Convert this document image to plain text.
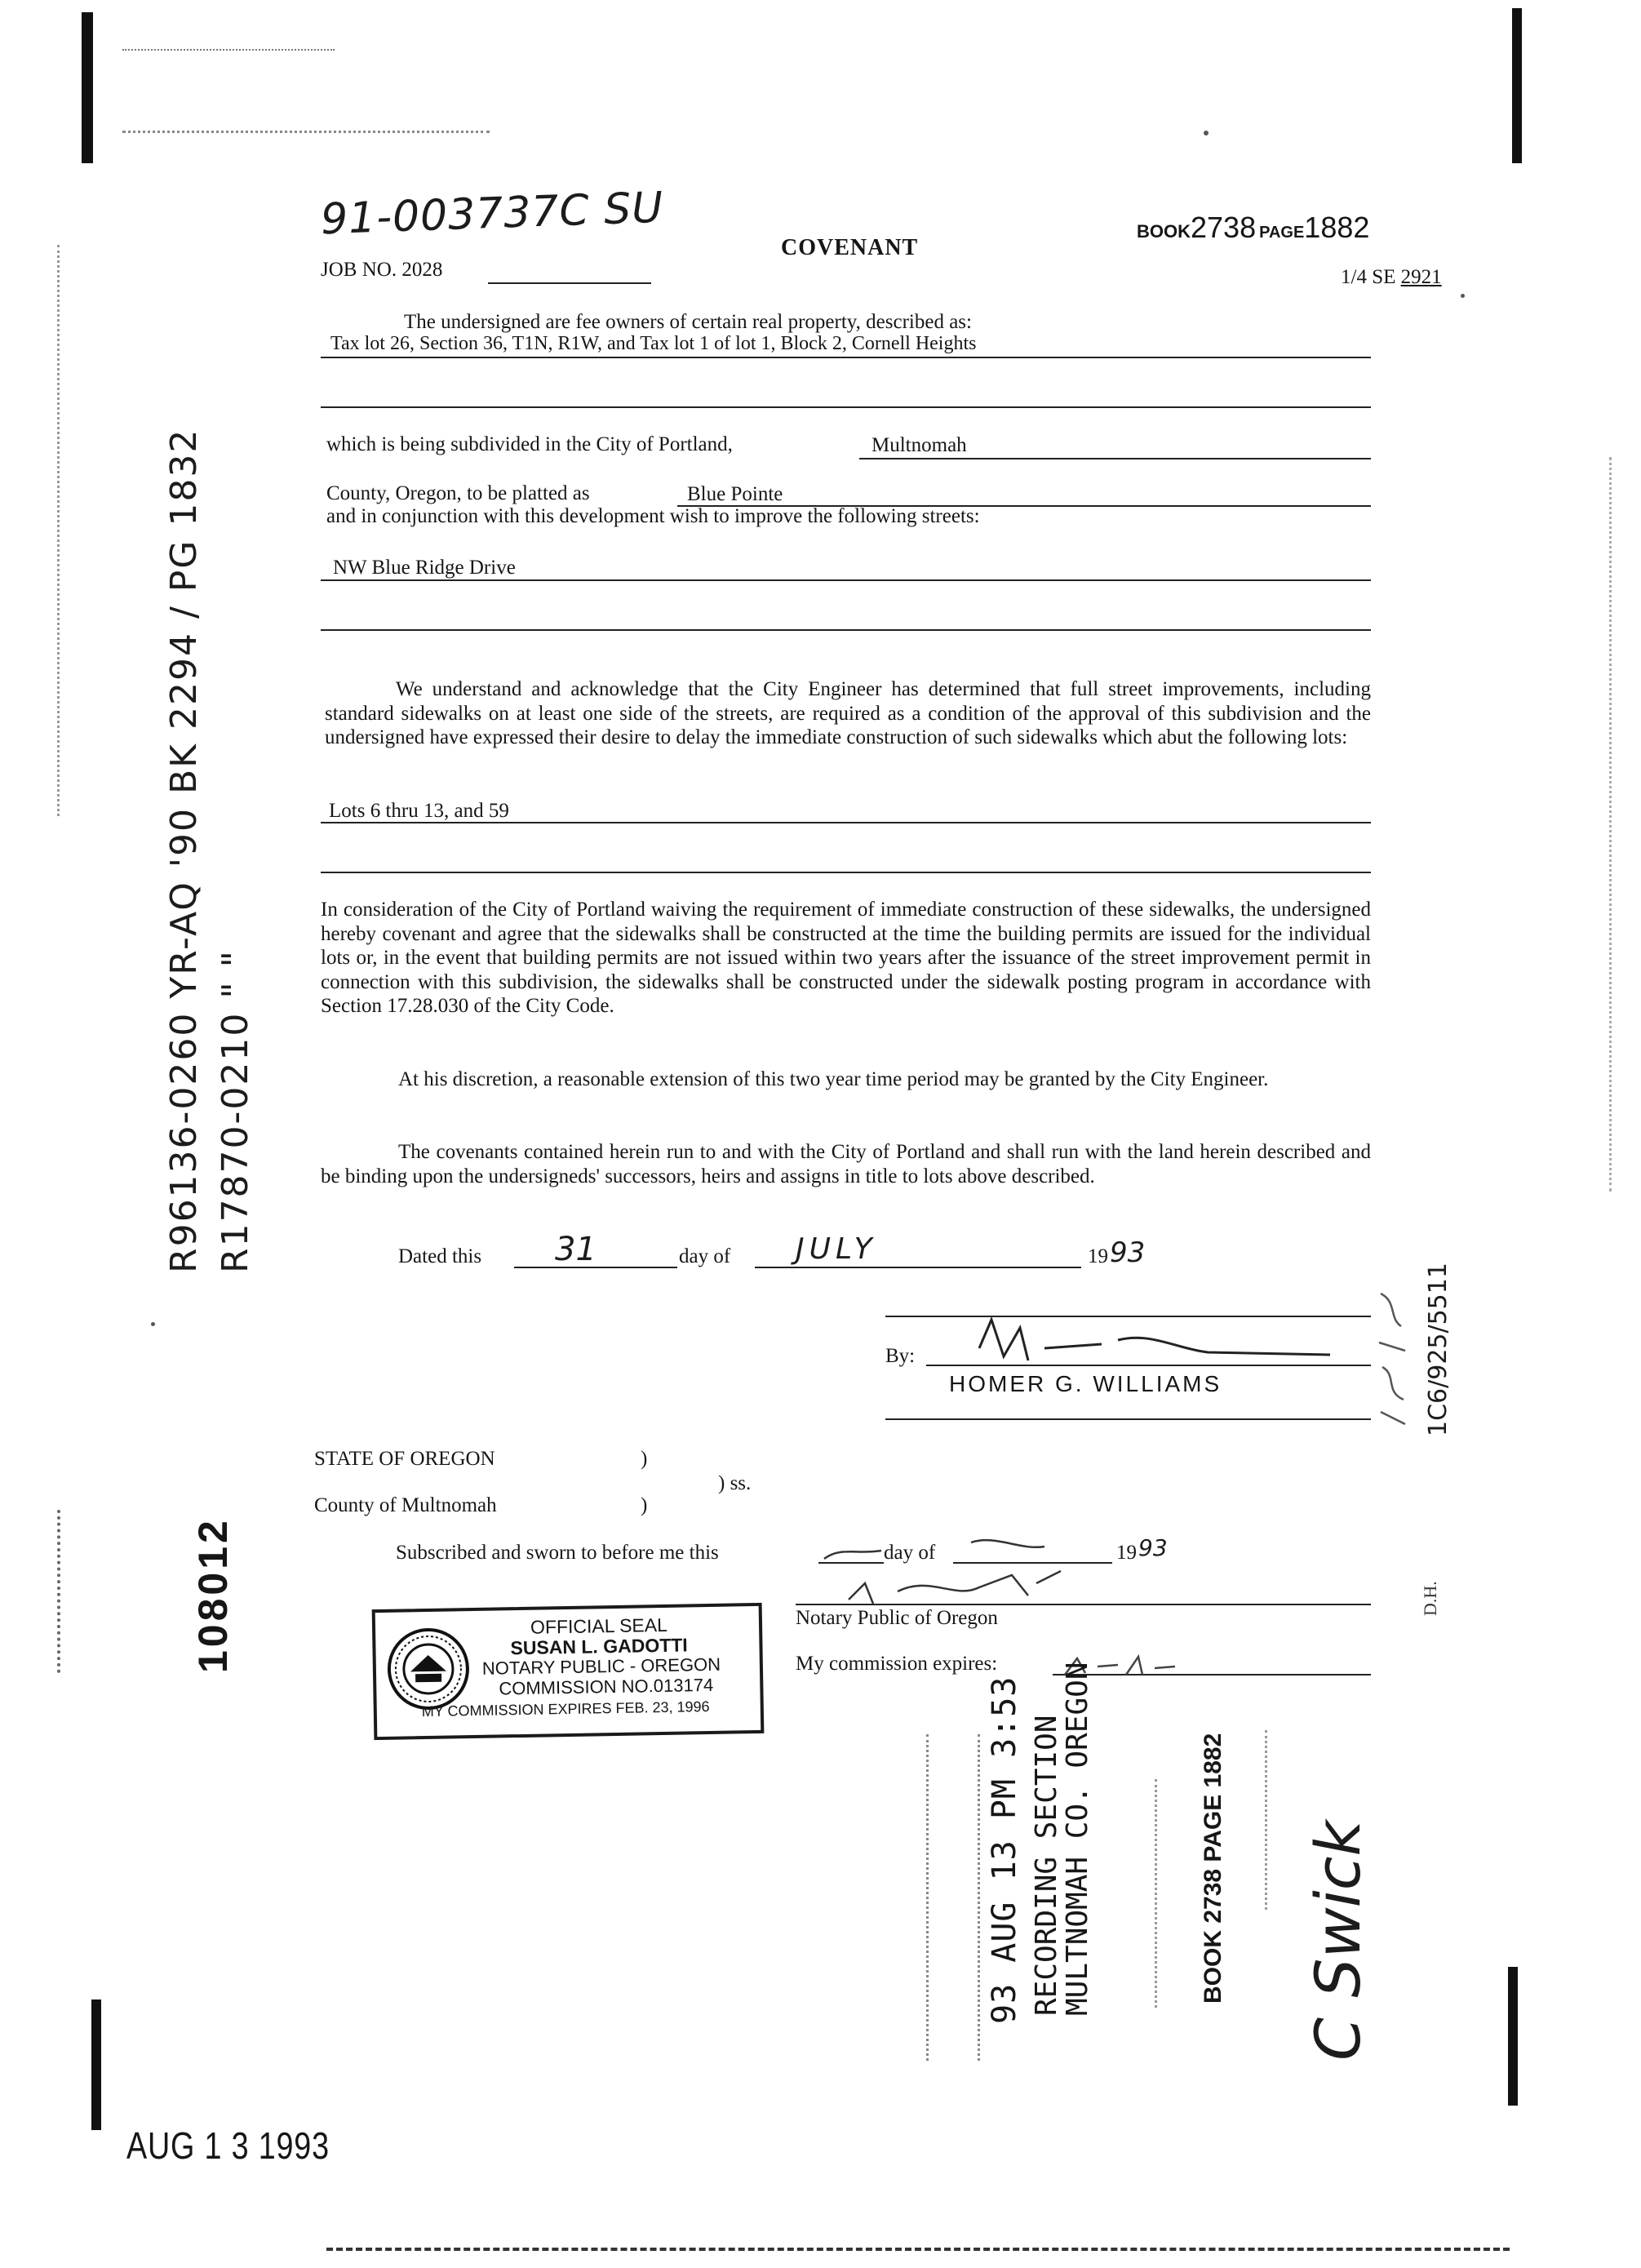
91-003737C SU
COVENANT
BOOK2738 PAGE1882
JOB NO. 2028	1/4 SE 2921
The undersigned are fee owners of certain real property, described as:
Tax lot 26, Section 36, T1N, R1W, and Tax lot 1 of lot 1, Block 2, Cornell Heights
which is being subdivided in the City of Portland,	Multnomah
County, Oregon, to be platted as	Blue Pointe
and in conjunction with this development wish to improve the following streets:
NW Blue Ridge Drive
We understand and acknowledge that the City Engineer has determined that full street improvements, including standard sidewalks on at least one side of the streets, are required as a condition of the approval of this subdivision and the undersigned have expressed their desire to delay the immediate construction of such sidewalks which abut the following lots:
Lots 6 thru 13, and 59
In consideration of the City of Portland waiving the requirement of immediate construction of these sidewalks, the undersigned hereby covenant and agree that the sidewalks shall be constructed at the time the building permits are issued for the individual lots or, in the event that building permits are not issued within two years after the issuance of the street improvement permit in connection with this subdivision, the sidewalks shall be constructed under the sidewalk posting program in accordance with Section 17.28.030 of the City Code.
At his discretion, a reasonable extension of this two year time period may be granted by the City Engineer.
The covenants contained herein run to and with the City of Portland and shall run with the land herein described and be binding upon the undersigneds' successors, heirs and assigns in title to lots above described.
Dated this 31	day of JULY	19 93
By:
HOMER G. WILLIAMS
STATE OF OREGON	)
) ss.
County of Multnomah	)
Subscribed and sworn to before me this	day of	19 93
Notary Public of Oregon
My commission expires:
OFFICIAL SEAL
SUSAN L. GADOTTI
NOTARY PUBLIC - OREGON
COMMISSION NO.013174
MY COMMISSION EXPIRES FEB. 23, 1996
R96136-0260 YR-AQ '90 BK 2294 / PG 1832 R17870-0210 " "
108012
1C6/925/5511
D.H.
93 AUG 13 PM 3:53 RECORDING SECTION
MULTNOMAH CO. OREGON	BOOK 2738 PAGE 1882 C Swick
AUG 1 3 1993
